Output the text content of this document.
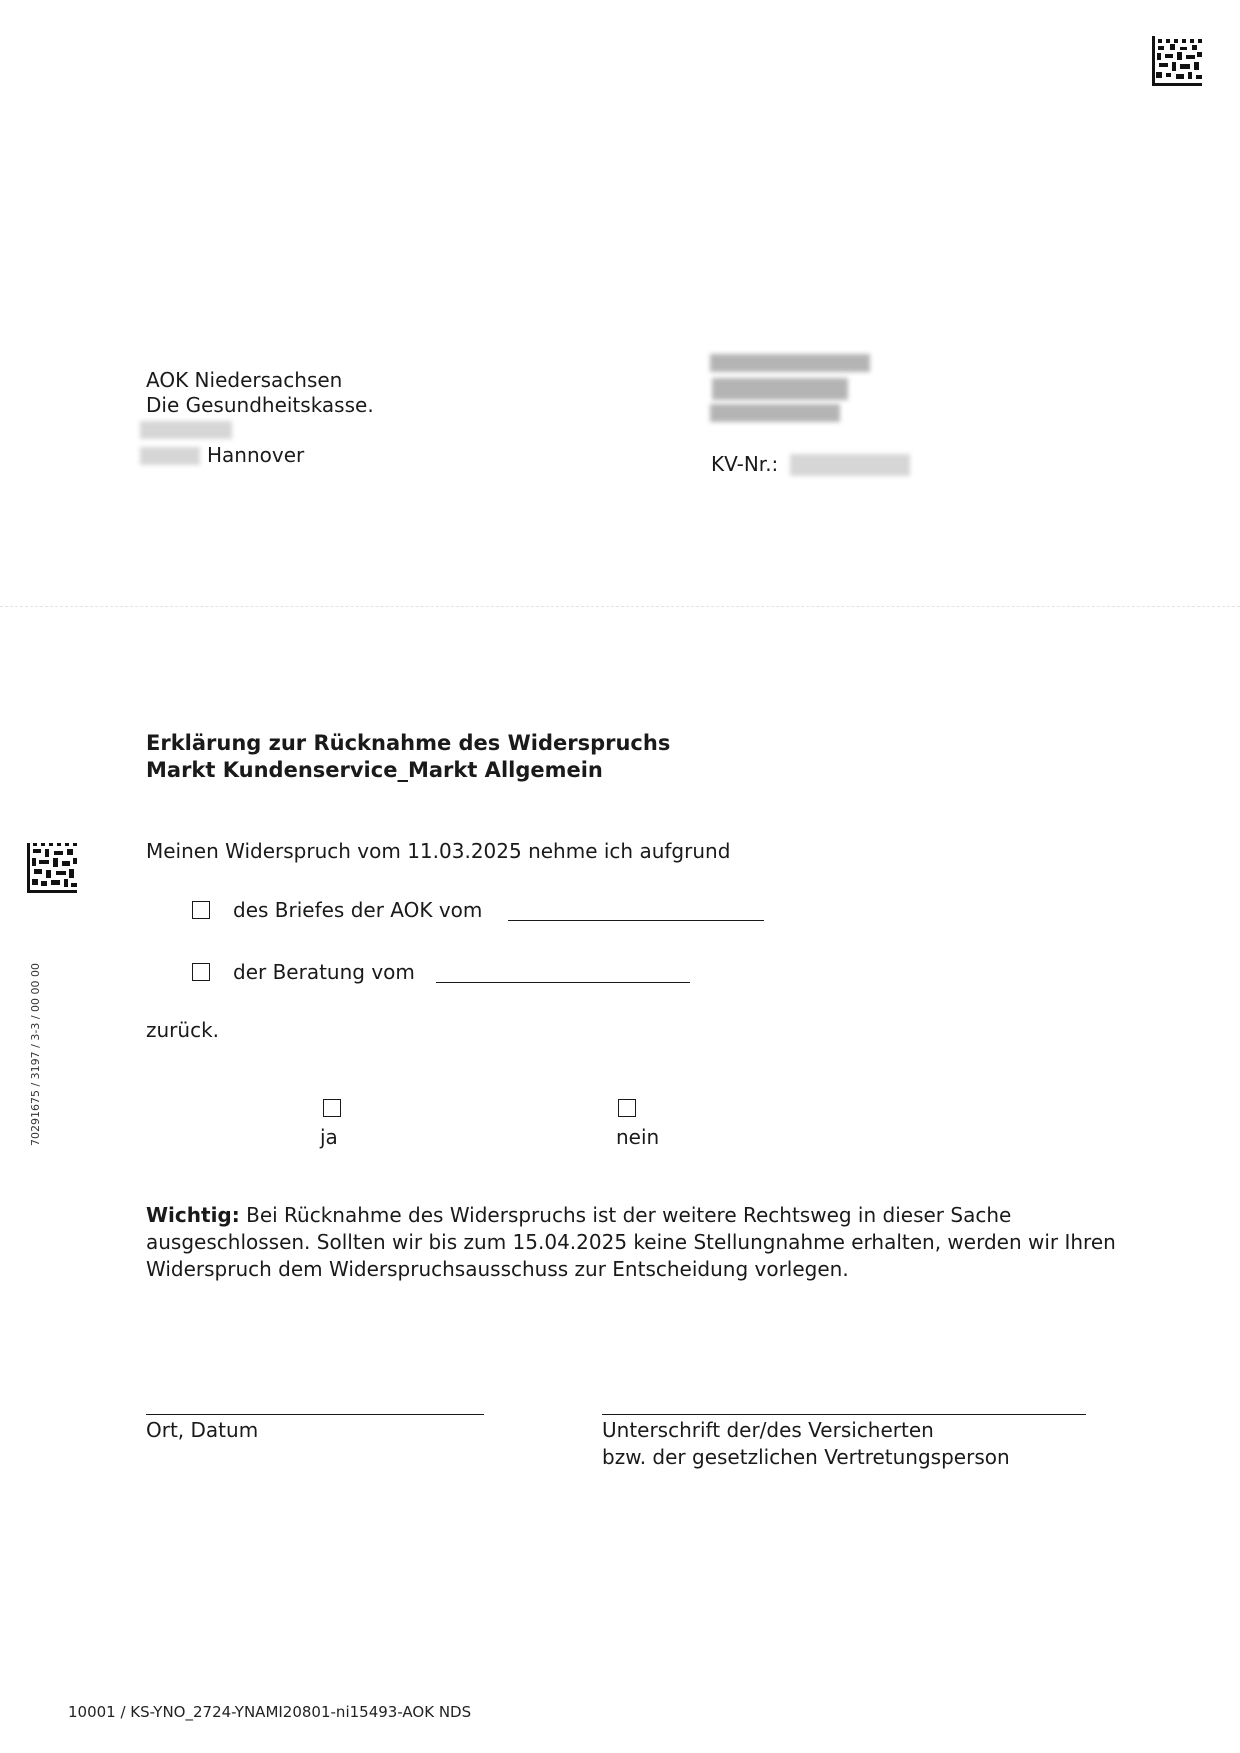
AOK Niedersachsen
Die Gesundheitskasse.
Hannover	KV-Nr.:
70291675 / 3197 / 3-3 / 00 00 00
Erklärung zur Rücknahme des Widerspruchs
Markt Kundenservice_Markt Allgemein
Meinen Widerspruch vom 11.03.2025 nehme ich aufgrund
des Briefes der AOK vom
der Beratung vom
zurück.
ja	nein
Wichtig: Bei Rücknahme des Widerspruchs ist der weitere Rechtsweg in dieser Sache ausgeschlossen. Sollten wir bis zum 15.04.2025 keine Stellungnahme erhalten, werden wir Ihren Widerspruch dem Widerspruchsausschuss zur Entscheidung vorlegen.
Ort, Datum	Unterschrift der/des Versicherten
bzw. der gesetzlichen Vertretungsperson
10001 / KS-YNO_2724-YNAMI20801-ni15493-AOK NDS
